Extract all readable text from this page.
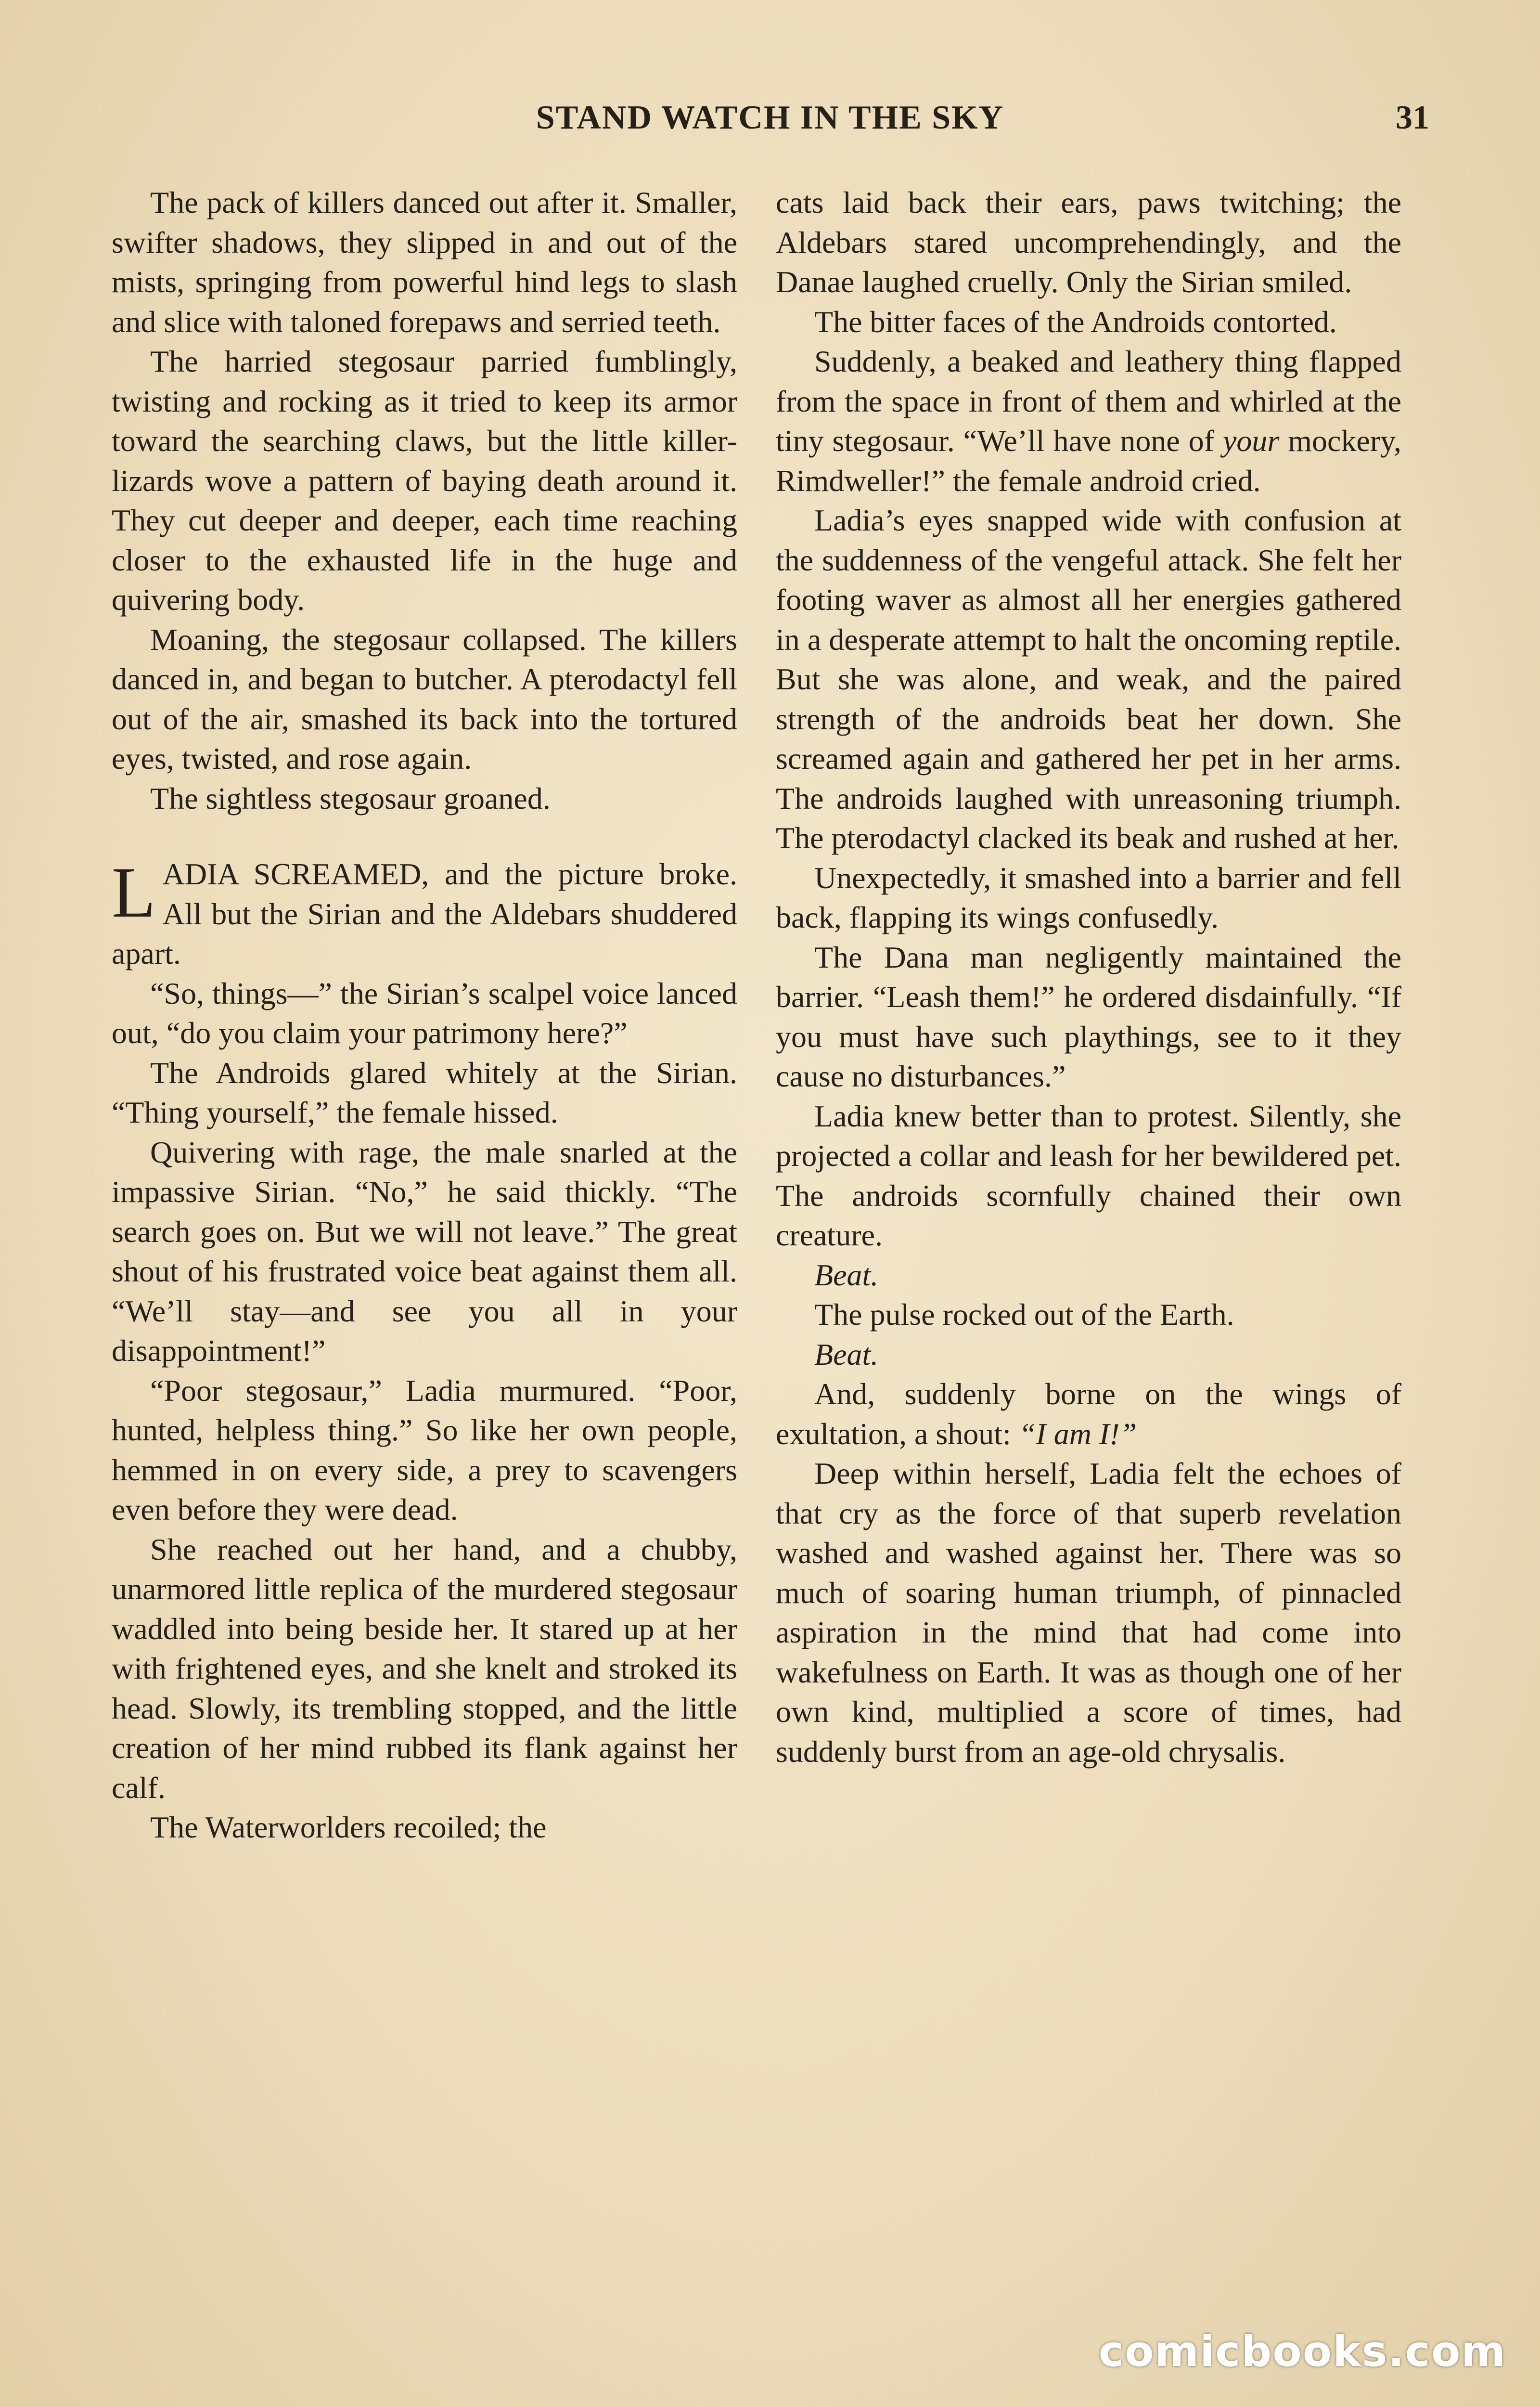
STAND WATCH IN THE SKY	31

The pack of killers danced out after it. Smaller, swifter shadows, they slipped in and out of the mists, springing from powerful hind legs to slash and slice with taloned forepaws and serried teeth.

The harried stegosaur parried fumblingly, twisting and rocking as it tried to keep its armor toward the searching claws, but the little killer-lizards wove a pattern of baying death around it. They cut deeper and deeper, each time reaching closer to the exhausted life in the huge and quivering body.

Moaning, the stegosaur collapsed. The killers danced in, and began to butcher. A pterodactyl fell out of the air, smashed its back into the tortured eyes, twisted, and rose again.

The sightless stegosaur groaned.

LADIA SCREAMED, and the picture broke. All but the Sirian and the Aldebars shuddered apart.

“So, things—” the Sirian’s scalpel voice lanced out, “do you claim your patrimony here?”

The Androids glared whitely at the Sirian. “Thing yourself,” the female hissed.

Quivering with rage, the male snarled at the impassive Sirian. “No,” he said thickly. “The search goes on. But we will not leave.” The great shout of his frustrated voice beat against them all. “We’ll stay—and see you all in your disappointment!”

“Poor stegosaur,” Ladia murmured. “Poor, hunted, helpless thing.” So like her own people, hemmed in on every side, a prey to scavengers even before they were dead.

She reached out her hand, and a chubby, unarmored little replica of the murdered stegosaur waddled into being beside her. It stared up at her with frightened eyes, and she knelt and stroked its head. Slowly, its trembling stopped, and the little creation of her mind rubbed its flank against her calf.

The Waterworlders recoiled; the

cats laid back their ears, paws twitching; the Aldebars stared uncomprehendingly, and the Danae laughed cruelly. Only the Sirian smiled.

The bitter faces of the Androids contorted.

Suddenly, a beaked and leathery thing flapped from the space in front of them and whirled at the tiny stegosaur. “We’ll have none of your mockery, Rimdweller!” the female android cried.

Ladia’s eyes snapped wide with confusion at the suddenness of the vengeful attack. She felt her footing waver as almost all her energies gathered in a desperate attempt to halt the oncoming reptile. But she was alone, and weak, and the paired strength of the androids beat her down. She screamed again and gathered her pet in her arms. The androids laughed with unreasoning triumph. The pterodactyl clacked its beak and rushed at her.

Unexpectedly, it smashed into a barrier and fell back, flapping its wings confusedly.

The Dana man negligently maintained the barrier. “Leash them!” he ordered disdainfully. “If you must have such playthings, see to it they cause no disturbances.”

Ladia knew better than to protest. Silently, she projected a collar and leash for her bewildered pet. The androids scornfully chained their own creature.

Beat.

The pulse rocked out of the Earth.

Beat.

And, suddenly borne on the wings of exultation, a shout: “I am I!”

Deep within herself, Ladia felt the echoes of that cry as the force of that superb revelation washed and washed against her. There was so much of soaring human triumph, of pinnacled aspiration in the mind that had come into wakefulness on Earth. It was as though one of her own kind, multiplied a score of times, had suddenly burst from an age-old chrysalis.

comicbooks.com
